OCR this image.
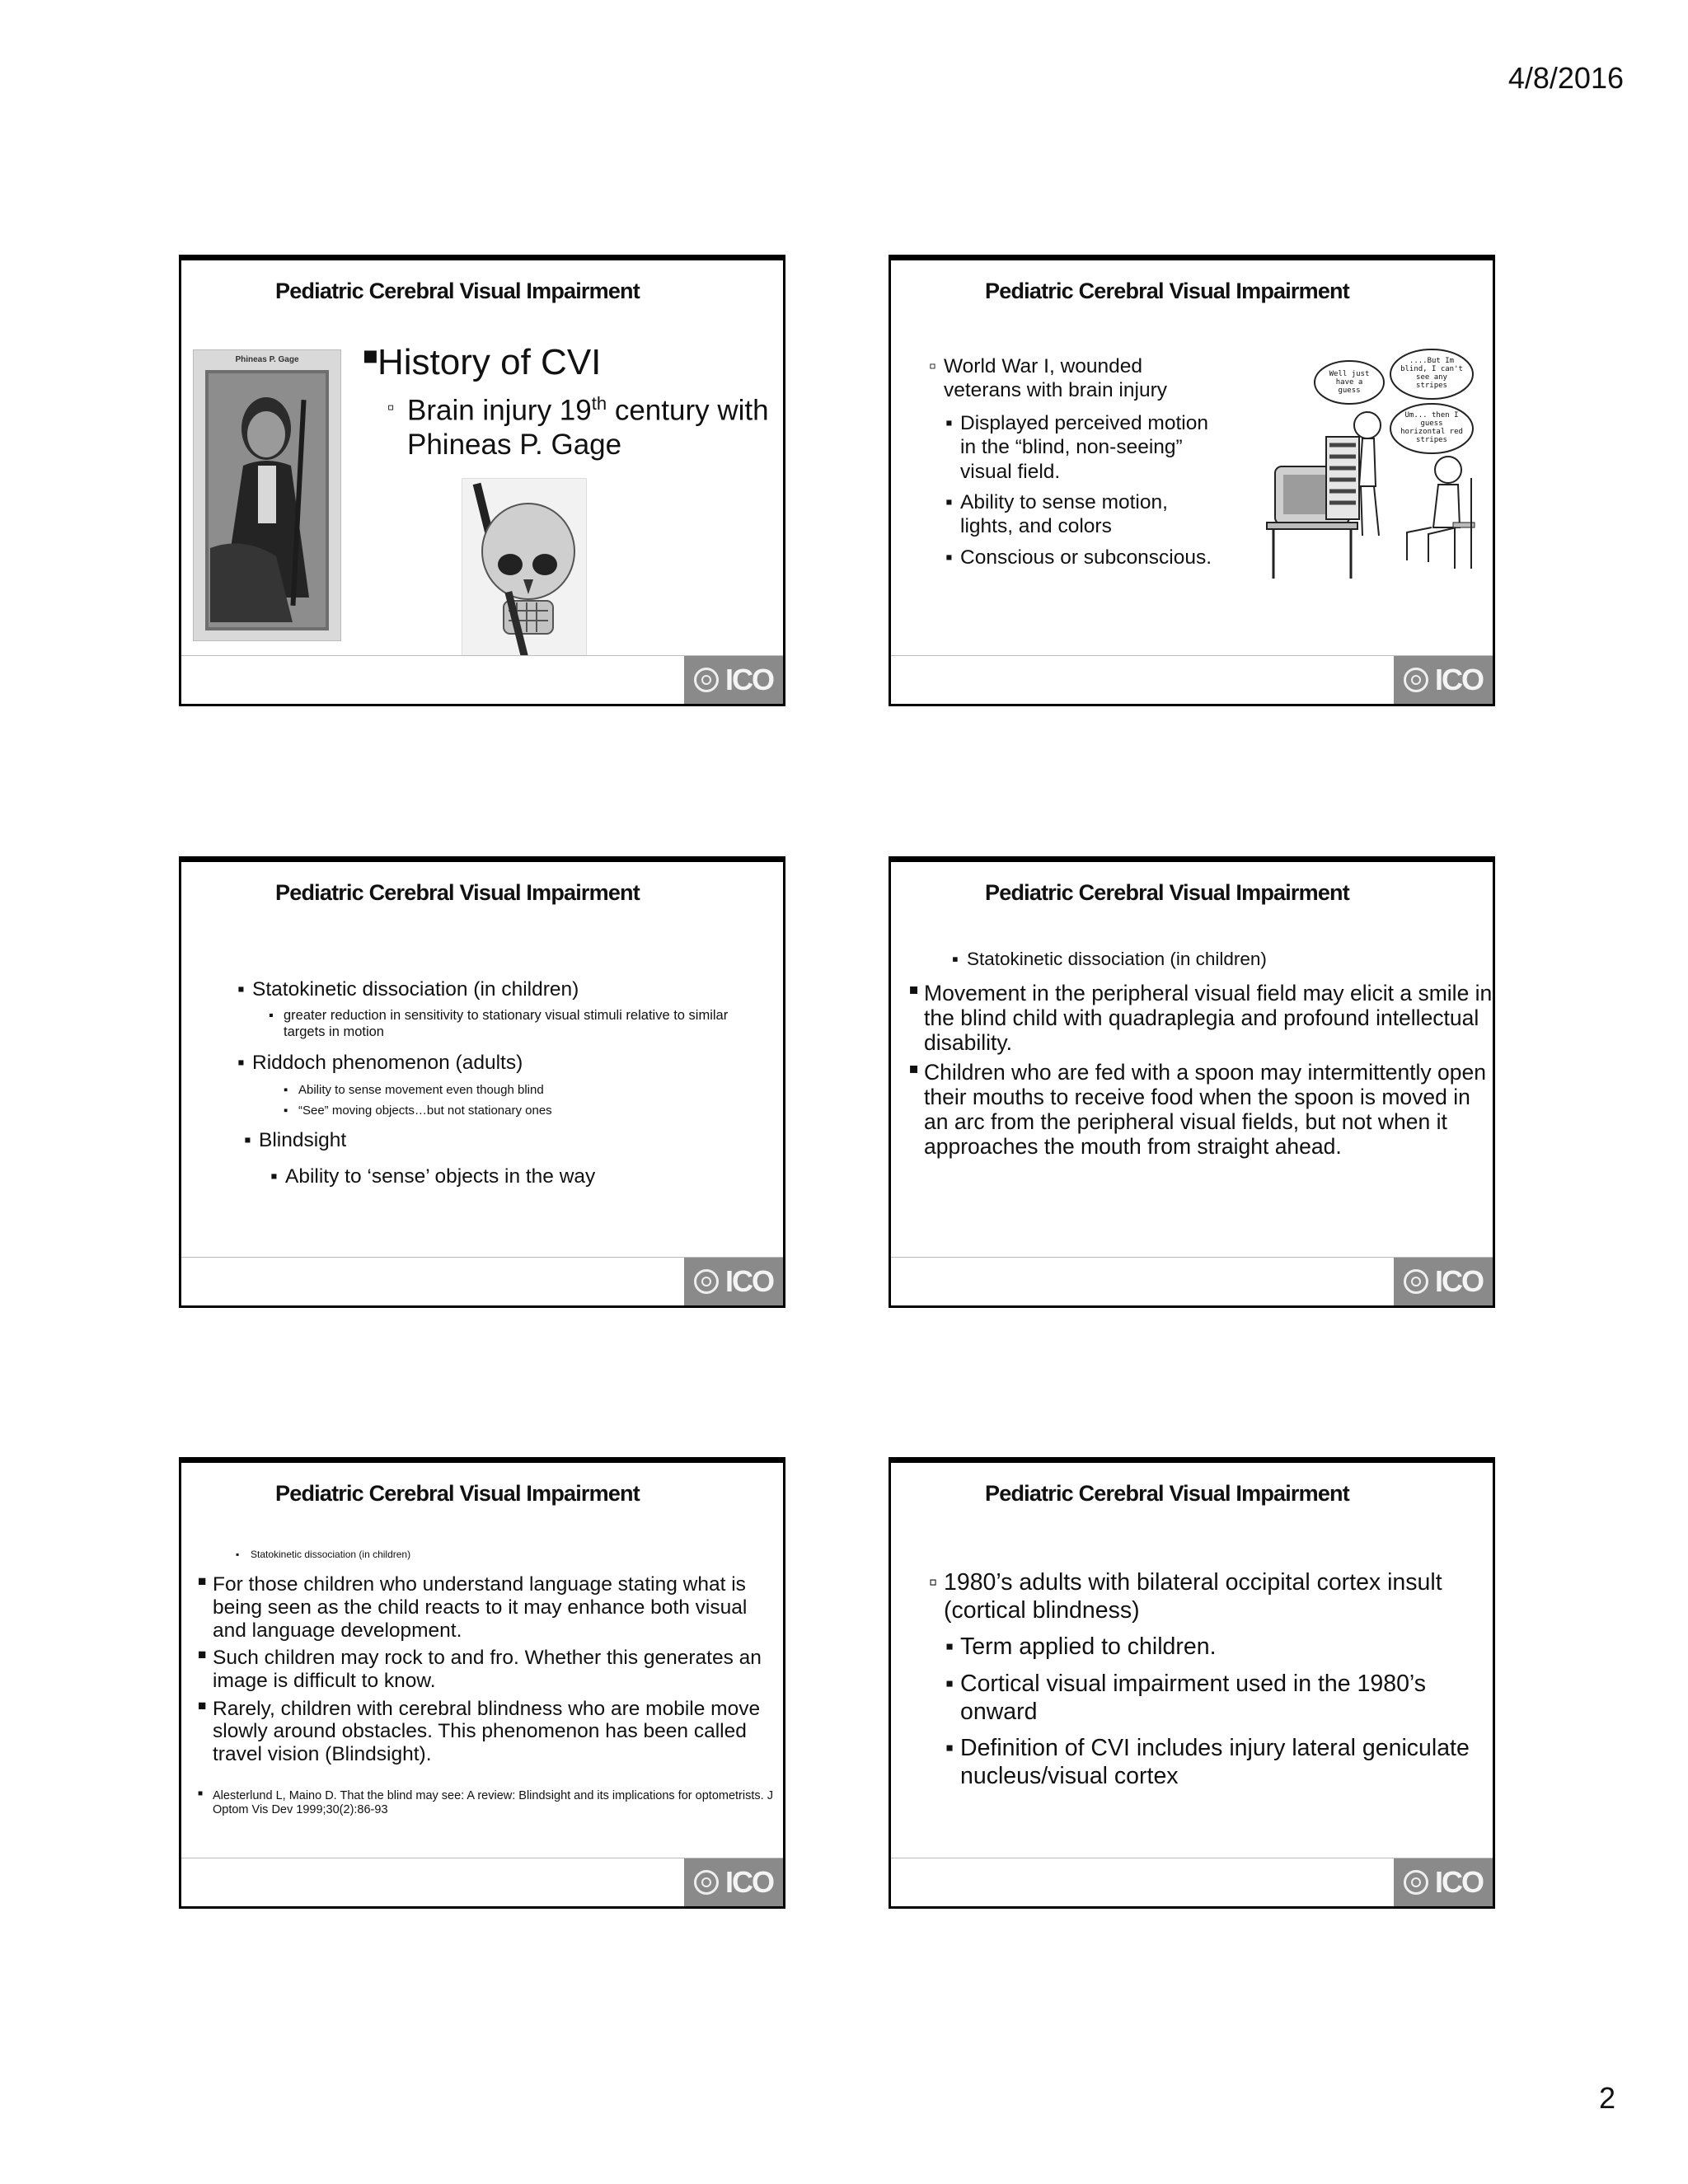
4/8/2016
Pediatric Cerebral Visual Impairment
Phineas P. Gage
■	History of CVI
▫ Brain injury 19th century with Phineas P. Gage
ICO
Pediatric Cerebral Visual Impairment
▫ World War I, wounded veterans with brain injury
▪ Displayed perceived motion in the “blind, non-seeing” visual field.
▪ Ability to sense motion, lights, and colors
▪ Conscious or subconscious.
Well just have a guess
....But Im blind, I can't see any stripes
Um... then I guess horizontal red stripes
ICO
Pediatric Cerebral Visual Impairment
▪ Statokinetic dissociation (in children)
▪ greater reduction in sensitivity to stationary visual stimuli relative to similar targets in motion
▪ Riddoch phenomenon (adults)
▪ Ability to sense movement even though blind
▪ “See” moving objects…but not stationary ones
▪ Blindsight
▪ Ability to ‘sense’ objects in the way
ICO
Pediatric Cerebral Visual Impairment
▪ Statokinetic dissociation (in children)
■ Movement in the peripheral visual field may elicit a smile in the blind child with quadraplegia and profound intellectual disability.
■ Children who are fed with a spoon may intermittently open their mouths to receive food when the spoon is moved in an arc from the peripheral visual fields, but not when it approaches the mouth from straight ahead.
ICO
Pediatric Cerebral Visual Impairment
▪ Statokinetic dissociation (in children)
■ For those children who understand language stating what is being seen as the child reacts to it may enhance both visual and language development.
■ Such children may rock to and fro. Whether this generates an image is difficult to know.
■ Rarely, children with cerebral blindness who are mobile move slowly around obstacles. This phenomenon has been called travel vision (Blindsight).
■ Alesterlund L, Maino D. That the blind may see: A review: Blindsight and its implications for optometrists. J Optom Vis Dev 1999;30(2):86-93
ICO
Pediatric Cerebral Visual Impairment
▫ 1980’s adults with bilateral occipital cortex insult (cortical blindness)
▪ Term applied to children.
▪ Cortical visual impairment used in the 1980’s onward
▪ Definition of CVI includes injury lateral geniculate nucleus/visual cortex
ICO
2
